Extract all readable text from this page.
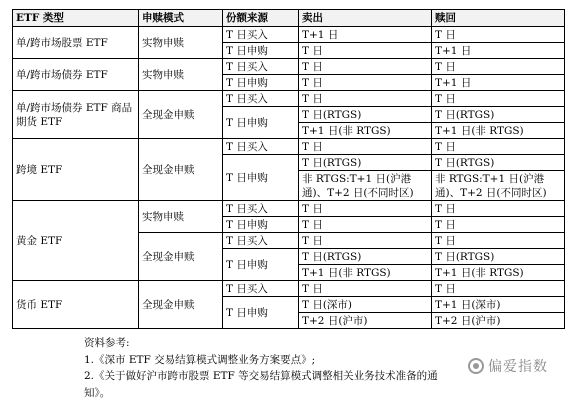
ETF 类型	申赎模式	份额来源	卖出	赎回
单/跨市场股票 ETF	实物申赎	T 日买入	T+1 日	T 日
		T 日申购	T 日	T+1 日
单/跨市场债券 ETF	实物申赎	T 日买入	T 日	T 日
		T 日申购	T 日	T+1 日
单/跨市场债券 ETF 商品期货 ETF	全现金申赎	T 日买入	T 日	T 日
		T 日申购	T 日(RTGS)	T 日(RTGS)
			T+1 日(非 RTGS)	T+1 日(非 RTGS)
跨境 ETF	全现金申赎	T 日买入	T 日	T 日
		T 日申购	T 日(RTGS)	T 日(RTGS)
			非 RTGS:T+1 日(沪港通)、T+2 日(不同时区)	非 RTGS:T+1 日(沪港通)、T+2 日(不同时区)
黄金 ETF	实物申赎	T 日买入	T 日	T 日
		T 日申购	T 日	T 日
	全现金申赎	T 日买入	T 日	T 日
		T 日申购	T 日(RTGS)	T 日(RTGS)
			T+1 日(非 RTGS)	T+1 日(非 RTGS)
货币 ETF	全现金申赎	T 日买入	T 日	T 日
		T 日申购	T 日(深市)	T+1 日(深市)
			T+2 日(沪市)	T+2 日(沪市)
资料参考:
1.《深市 ETF 交易结算模式调整业务方案要点》;
2.《关于做好沪市跨市股票 ETF 等交易结算模式调整相关业务技术准备的通
知》。
偏爱指数
